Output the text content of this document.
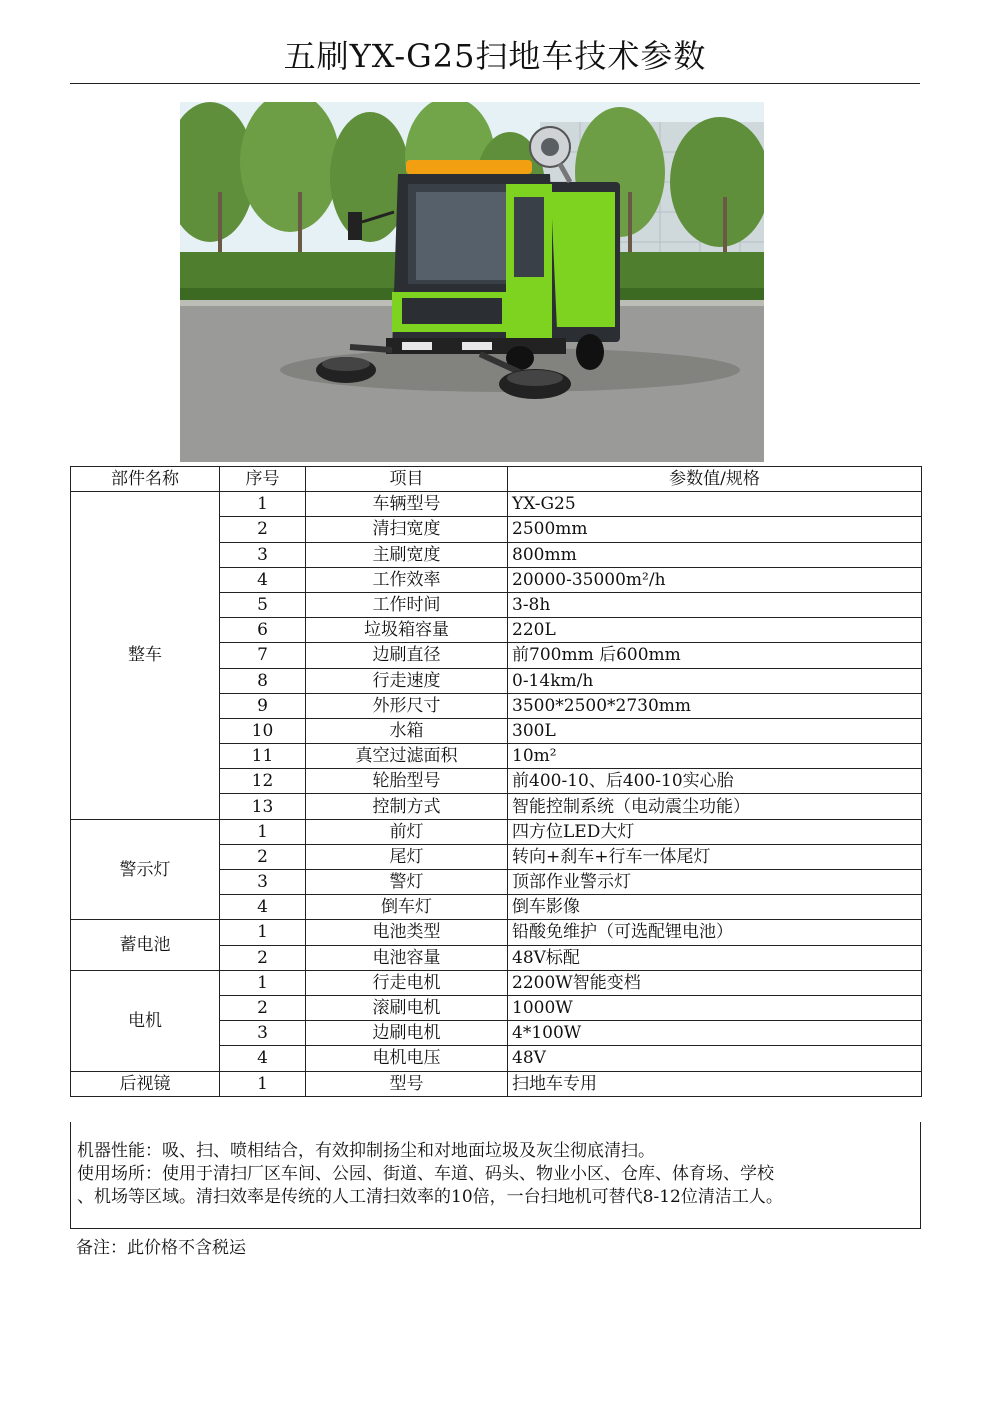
五刷YX-G25扫地车技术参数
部件名称	序号	项目	参数值/规格
整车	1	车辆型号	YX-G25
	2	清扫宽度	2500mm
	3	主刷宽度	800mm
	4	工作效率	20000-35000m²/h
	5	工作时间	3-8h
	6	垃圾箱容量	220L
	7	边刷直径	前700mm 后600mm
	8	行走速度	0-14km/h
	9	外形尺寸	3500*2500*2730mm
	10	水箱	300L
	11	真空过滤面积	10m²
	12	轮胎型号	前400-10、后400-10实心胎
	13	控制方式	智能控制系统（电动震尘功能）
警示灯	1	前灯	四方位LED大灯
	2	尾灯	转向+刹车+行车一体尾灯
	3	警灯	顶部作业警示灯
	4	倒车灯	倒车影像
蓄电池	1	电池类型	铅酸免维护（可选配锂电池）
	2	电池容量	48V标配
电机	1	行走电机	2200W智能变档
	2	滚刷电机	1000W
	3	边刷电机	4*100W
	4	电机电压	48V
后视镜	1	型号	扫地车专用

机器性能：吸、扫、喷相结合，有效抑制扬尘和对地面垃圾及灰尘彻底清扫。

使用场所：使用于清扫厂区车间、公园、街道、车道、码头、物业小区、仓库、体育场、学校

、机场等区域。清扫效率是传统的人工清扫效率的10倍，一台扫地机可替代8-12位清洁工人。

备注：此价格不含税运
